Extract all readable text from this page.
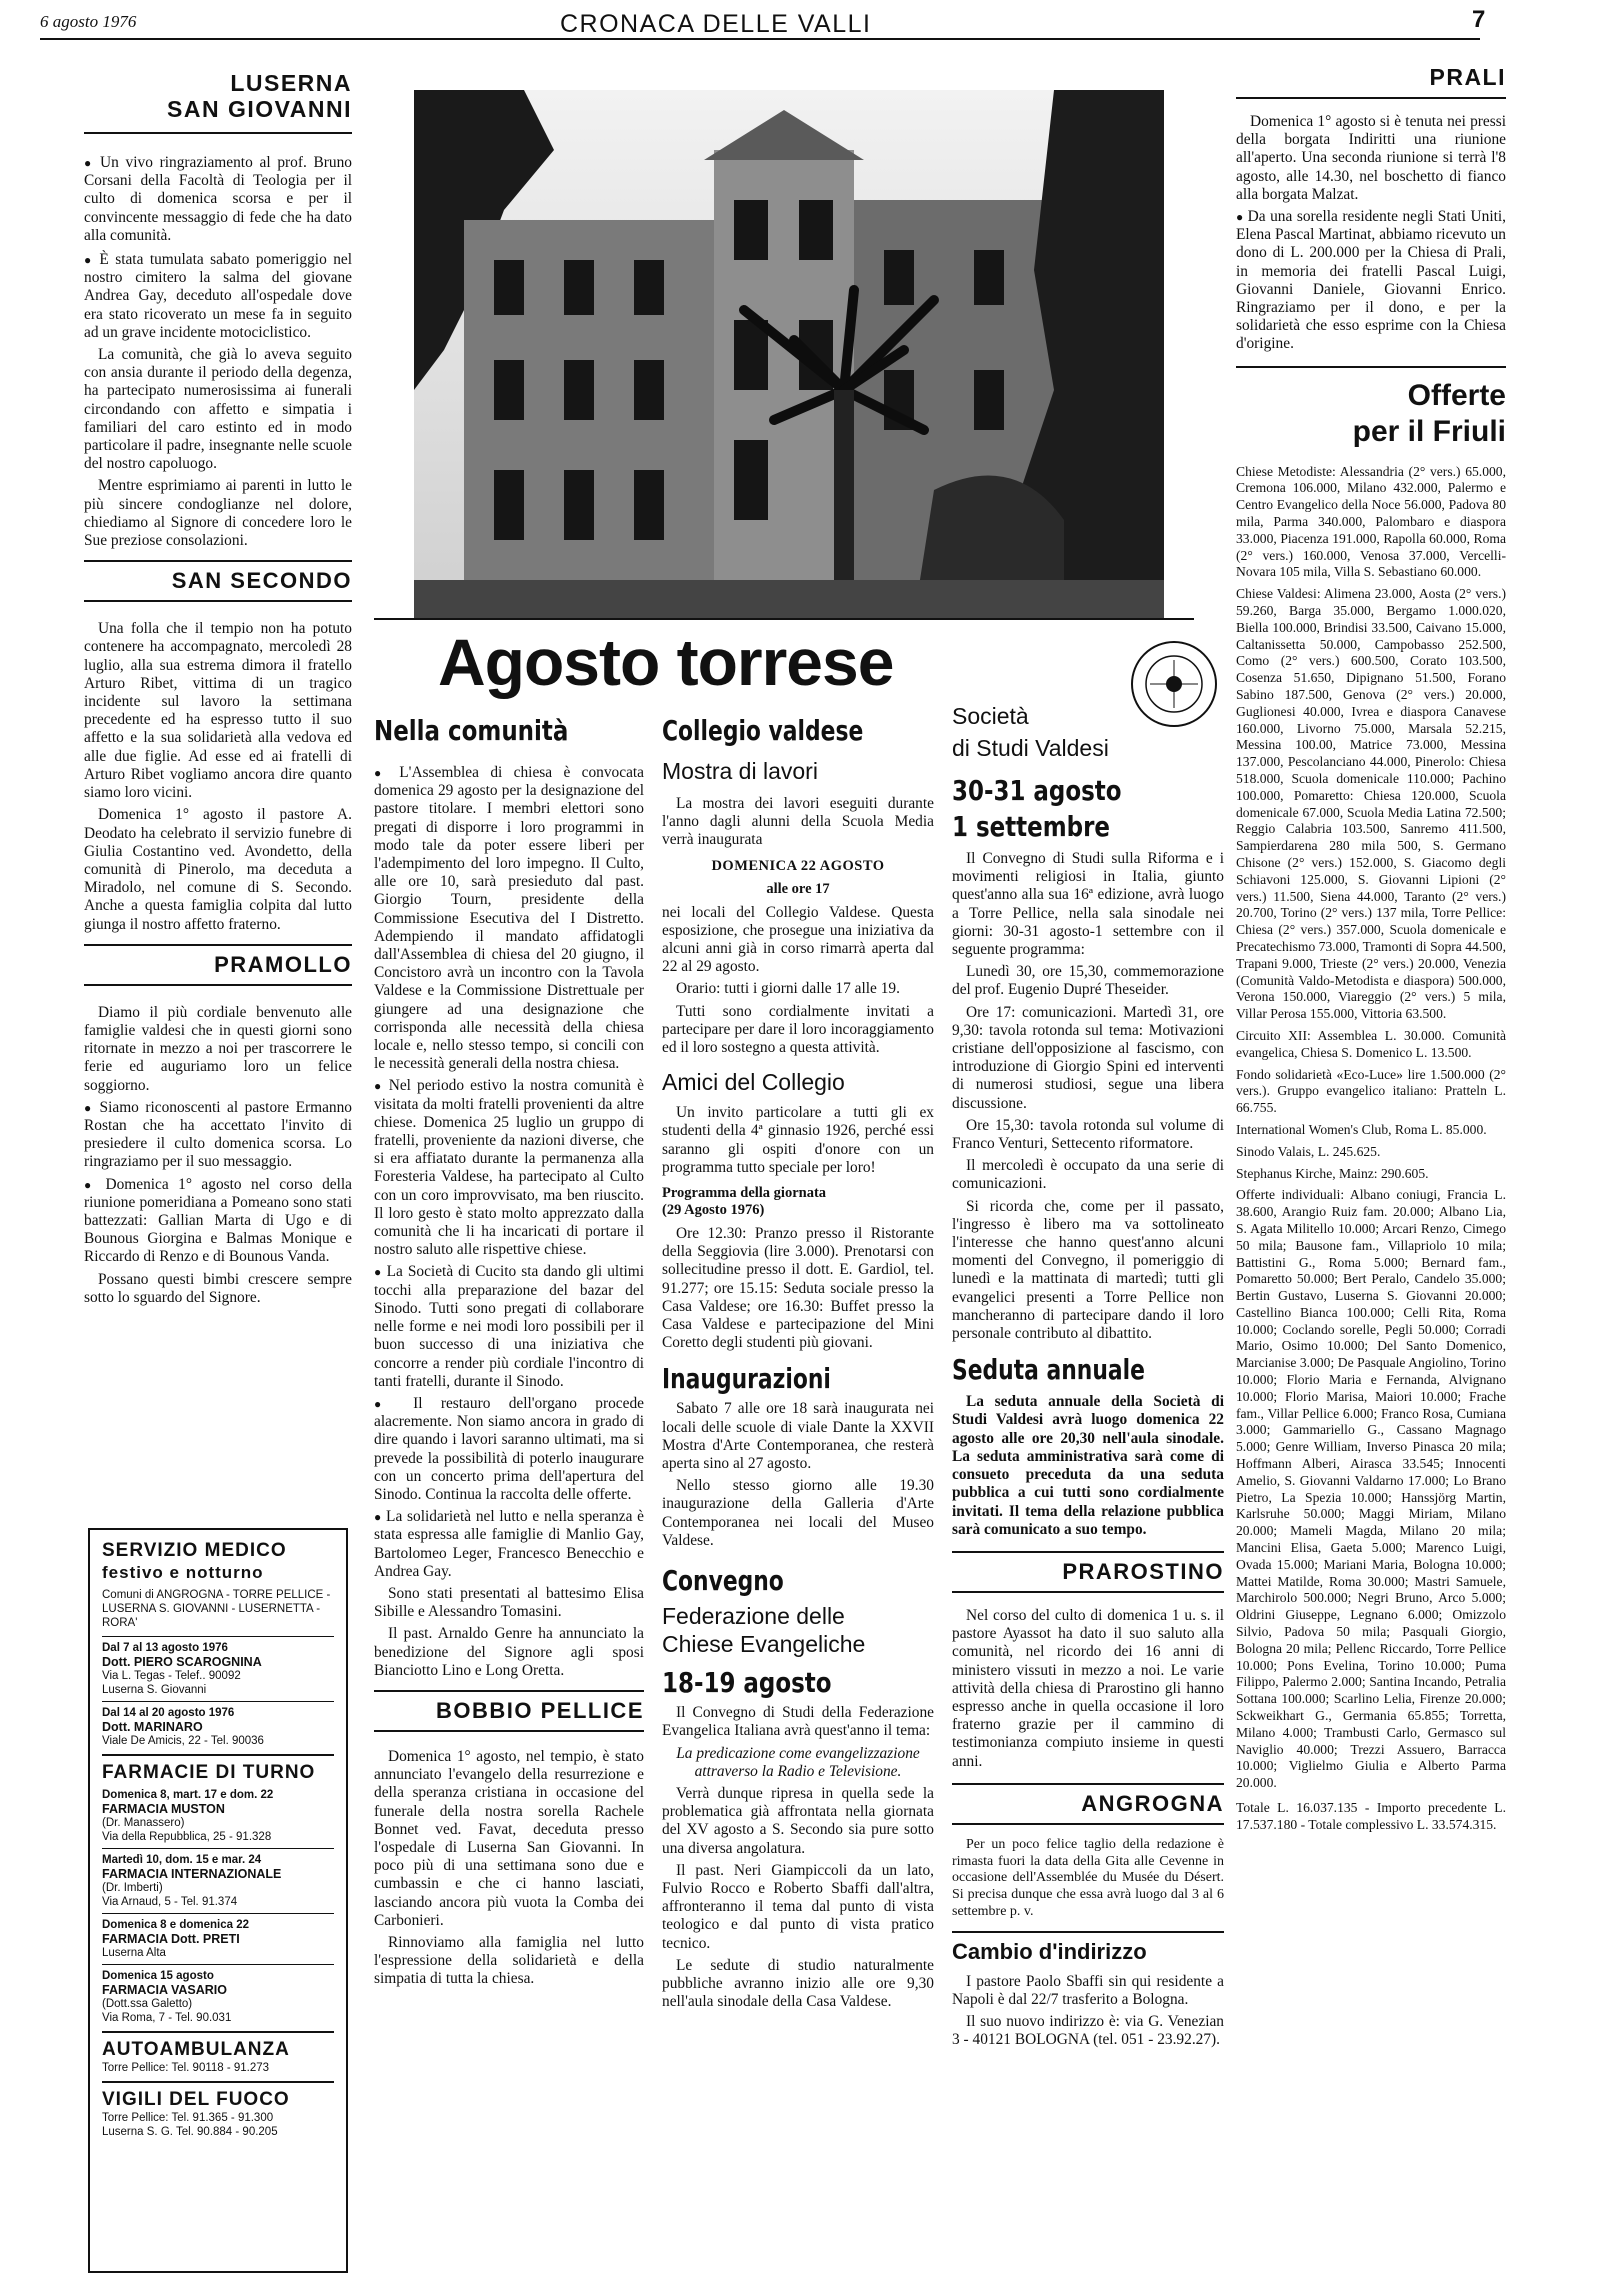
6 agosto 1976	CRONACA DELLE VALLI	7
LUSERNA
SAN GIOVANNI

● Un vivo ringraziamento al prof. Bruno Corsani della Facoltà di Teologia per il culto di domenica scorsa e per il convincente messaggio di fede che ha dato alla comunità.

● È stata tumulata sabato pomeriggio nel nostro cimitero la salma del giovane Andrea Gay, deceduto all'ospedale dove era stato ricoverato un mese fa in seguito ad un grave incidente motociclistico.

La comunità, che già lo aveva seguito con ansia durante il periodo della degenza, ha partecipato numerosissima ai funerali circondando con affetto e simpatia i familiari del caro estinto ed in modo particolare il padre, insegnante nelle scuole del nostro capoluogo.

Mentre esprimiamo ai parenti in lutto le più sincere condoglianze nel dolore, chiediamo al Signore di concedere loro le Sue preziose consolazioni.

SAN SECONDO

Una folla che il tempio non ha potuto contenere ha accompagnato, mercoledì 28 luglio, alla sua estrema dimora il fratello Arturo Ribet, vittima di un tragico incidente sul lavoro la settimana precedente ed ha espresso tutto il suo affetto e la sua solidarietà alla vedova ed alle due figlie. Ad esse ed ai fratelli di Arturo Ribet vogliamo ancora dire quanto siamo loro vicini.

Domenica 1° agosto il pastore A. Deodato ha celebrato il servizio funebre di Giulia Costantino ved. Avondetto, della comunità di Pinerolo, ma deceduta a Miradolo, nel comune di S. Secondo. Anche a questa famiglia colpita dal lutto giunga il nostro affetto fraterno.

PRAMOLLO

Diamo il più cordiale benvenuto alle famiglie valdesi che in questi giorni sono ritornate in mezzo a noi per trascorrere le ferie ed auguriamo loro un felice soggiorno.

● Siamo riconoscenti al pastore Ermanno Rostan che ha accettato l'invito di presiedere il culto domenica scorsa. Lo ringraziamo per il suo messaggio.

● Domenica 1° agosto nel corso della riunione pomeridiana a Pomeano sono stati battezzati: Gallian Marta di Ugo e di Bounous Giorgina e Balmas Monique e Riccardo di Renzo e di Bounous Vanda.

Possano questi bimbi crescere sempre sotto lo sguardo del Signore.

SERVIZIO MEDICO
festivo e notturno
Comuni di ANGROGNA - TORRE PELLICE - LUSERNA S. GIOVANNI - LUSERNETTA - RORA'
Dal 7 al 13 agosto 1976
Dott. PIERO SCAROGNINA
Via L. Tegas - Telef.. 90092
Luserna S. Giovanni
Dal 14 al 20 agosto 1976
Dott. MARINARO
Viale De Amicis, 22 - Tel. 90036
FARMACIE DI TURNO
Domenica 8, mart. 17 e dom. 22
FARMACIA MUSTON
(Dr. Manassero)
Via della Repubblica, 25 - 91.328
Martedì 10, dom. 15 e mar. 24
FARMACIA INTERNAZIONALE
(Dr. Imberti)
Via Arnaud, 5 - Tel. 91.374
Domenica 8 e domenica 22
FARMACIA Dott. PRETI
Luserna Alta
Domenica 15 agosto
FARMACIA VASARIO
(Dott.ssa Galetto)
Via Roma, 7 - Tel. 90.031
AUTOAMBULANZA
Torre Pellice: Tel. 90118 - 91.273
VIGILI DEL FUOCO
Torre Pellice: Tel. 91.365 - 91.300
Luserna S. G. Tel. 90.884 - 90.205
Agosto torrese
Nella comunità

● L'Assemblea di chiesa è convocata domenica 29 agosto per la designazione del pastore titolare. I membri elettori sono pregati di disporre i loro programmi in modo tale da poter essere liberi per l'adempimento del loro impegno. Il Culto, alle ore 10, sarà presieduto dal past. Giorgio Tourn, presidente della Commissione Esecutiva del I Distretto. Adempiendo il mandato affidatogli dall'Assemblea di chiesa del 20 giugno, il Concistoro avrà un incontro con la Tavola Valdese e la Commissione Distrettuale per giungere ad una designazione che corrisponda alle necessità della chiesa locale e, nello stesso tempo, si concili con le necessità generali della nostra chiesa.

● Nel periodo estivo la nostra comunità è visitata da molti fratelli provenienti da altre chiese. Domenica 25 luglio un gruppo di fratelli, proveniente da nazioni diverse, che si era affiatato durante la permanenza alla Foresteria Valdese, ha partecipato al Culto con un coro improvvisato, ma ben riuscito. Il loro gesto è stato molto apprezzato dalla comunità che li ha incaricati di portare il nostro saluto alle rispettive chiese.

● La Società di Cucito sta dando gli ultimi tocchi alla preparazione del bazar del Sinodo. Tutti sono pregati di collaborare nelle forme e nei modi loro possibili per il buon successo di una iniziativa che concorre a render più cordiale l'incontro di tanti fratelli, durante il Sinodo.

● Il restauro dell'organo procede alacremente. Non siamo ancora in grado di dire quando i lavori saranno ultimati, ma si prevede la possibilità di poterlo inaugurare con un concerto prima dell'apertura del Sinodo. Continua la raccolta delle offerte.

● La solidarietà nel lutto e nella speranza è stata espressa alle famiglie di Manlio Gay, Bartolomeo Leger, Francesco Benecchio e Andrea Gay.

Sono stati presentati al battesimo Elisa Sibille e Alessandro Tomasini.

Il past. Arnaldo Genre ha annunciato la benedizione del Signore agli sposi Bianciotto Lino e Long Oretta.

BOBBIO PELLICE

Domenica 1° agosto, nel tempio, è stato annunciato l'evangelo della resurrezione e della speranza cristiana in occasione del funerale della nostra sorella Rachele Bonnet ved. Favat, deceduta presso l'ospedale di Luserna San Giovanni. In poco più di una settimana sono due e cumbassin e che ci hanno lasciati, lasciando ancora più vuota la Comba dei Carbonieri.

Rinnoviamo alla famiglia nel lutto l'espressione della solidarietà e della simpatia di tutta la chiesa.

Collegio valdese
Mostra di lavori

La mostra dei lavori eseguiti durante l'anno dagli alunni della Scuola Media verrà inaugurata

DOMENICA 22 AGOSTO
alle ore 17

nei locali del Collegio Valdese. Questa esposizione, che prosegue una iniziativa da alcuni anni già in corso rimarrà aperta dal 22 al 29 agosto.

Orario: tutti i giorni dalle 17 alle 19.

Tutti sono cordialmente invitati a partecipare per dare il loro incoraggiamento ed il loro sostegno a questa attività.

Amici del Collegio

Un invito particolare a tutti gli ex studenti della 4ª ginnasio 1926, perché essi saranno gli ospiti d'onore con un programma tutto speciale per loro!

Programma della giornata
(29 Agosto 1976)

Ore 12.30: Pranzo presso il Ristorante della Seggiovia (lire 3.000). Prenotarsi con sollecitudine presso il dott. E. Gardiol, tel. 91.277; ore 15.15: Seduta sociale presso la Casa Valdese; ore 16.30: Buffet presso la Casa Valdese e partecipazione del Mini Coretto degli studenti più giovani.

Inaugurazioni

Sabato 7 alle ore 18 sarà inaugurata nei locali delle scuole di viale Dante la XXVII Mostra d'Arte Contemporanea, che resterà aperta sino al 27 agosto.

Nello stesso giorno alle 19.30 inaugurazione della Galleria d'Arte Contemporanea nei locali del Museo Valdese.

Convegno
Federazione delle
Chiese Evangeliche
18-19 agosto

Il Convegno di Studi della Federazione Evangelica Italiana avrà quest'anno il tema:

La predicazione come evangelizzazione attraverso la Radio e Televisione.

Verrà dunque ripresa in quella sede la problematica già affrontata nella giornata del XV agosto a S. Secondo sia pure sotto una diversa angolatura.

Il past. Neri Giampiccoli da un lato, Fulvio Rocco e Roberto Sbaffi dall'altra, affronteranno il tema dal punto di vista teologico e dal punto di vista pratico tecnico.

Le sedute di studio naturalmente pubbliche avranno inizio alle ore 9,30 nell'aula sinodale della Casa Valdese.

Società
di Studi Valdesi
30-31 agosto
1 settembre

Il Convegno di Studi sulla Riforma e i movimenti religiosi in Italia, giunto quest'anno alla sua 16ª edizione, avrà luogo a Torre Pellice, nella sala sinodale nei giorni: 30-31 agosto-1 settembre con il seguente programma:

Lunedì 30, ore 15,30, commemorazione del prof. Eugenio Dupré Theseider.

Ore 17: comunicazioni. Martedì 31, ore 9,30: tavola rotonda sul tema: Motivazioni cristiane dell'opposizione al fascismo, con introduzione di Giorgio Spini ed interventi di numerosi studiosi, segue una libera discussione.

Ore 15,30: tavola rotonda sul volume di Franco Venturi, Settecento riformatore.

Il mercoledì è occupato da una serie di comunicazioni.

Si ricorda che, come per il passato, l'ingresso è libero ma va sottolineato l'interesse che hanno quest'anno alcuni momenti del Convegno, il pomeriggio di lunedì e la mattinata di martedì; tutti gli evangelici presenti a Torre Pellice non mancheranno di partecipare dando il loro personale contributo al dibattito.

Seduta annuale

La seduta annuale della Società di Studi Valdesi avrà luogo domenica 22 agosto alle ore 20,30 nell'aula sinodale. La seduta amministrativa sarà come di consueto preceduta da una seduta pubblica a cui tutti sono cordialmente invitati. Il tema della relazione pubblica sarà comunicato a suo tempo.

PRAROSTINO

Nel corso del culto di domenica 1 u. s. il pastore Ayassot ha dato il suo saluto alla comunità, nel ricordo dei 16 anni di ministero vissuti in mezzo a noi. Le varie attività della chiesa di Prarostino gli hanno espresso anche in quella occasione il loro fraterno grazie per il cammino di testimonianza compiuto insieme in questi anni.

ANGROGNA

Per un poco felice taglio della redazione è rimasta fuori la data della Gita alle Cevenne in occasione dell'Assemblée du Musée du Désert. Si precisa dunque che essa avrà luogo dal 3 al 6 settembre p. v.

Cambio d'indirizzo

I pastore Paolo Sbaffi sin qui residente a Napoli è dal 22/7 trasferito a Bologna.

Il suo nuovo indirizzo è: via G. Venezian 3 - 40121 BOLOGNA (tel. 051 - 23.92.27).

PRALI

Domenica 1° agosto si è tenuta nei pressi della borgata Indiritti una riunione all'aperto. Una seconda riunione si terrà l'8 agosto, alle 14.30, nel boschetto di fianco alla borgata Malzat.

● Da una sorella residente negli Stati Uniti, Elena Pascal Martinat, abbiamo ricevuto un dono di L. 200.000 per la Chiesa di Prali, in memoria dei fratelli Pascal Luigi, Giovanni Daniele, Giovanni Enrico. Ringraziamo per il dono, e per la solidarietà che esso esprime con la Chiesa d'origine.

Offerte
per il Friuli

Chiese Metodiste: Alessandria (2° vers.) 65.000, Cremona 106.000, Milano 432.000, Palermo e Centro Evangelico della Noce 56.000, Padova 80 mila, Parma 340.000, Palombaro e diaspora 33.000, Piacenza 191.000, Rapolla 60.000, Roma (2° vers.) 160.000, Venosa 37.000, Vercelli-Novara 105 mila, Villa S. Sebastiano 60.000.

Chiese Valdesi: Alimena 23.000, Aosta (2° vers.) 59.260, Barga 35.000, Bergamo 1.000.020, Biella 100.000, Brindisi 33.500, Caivano 15.000, Caltanissetta 50.000, Campobasso 252.500, Como (2° vers.) 600.500, Corato 103.500, Cosenza 51.650, Dipignano 51.500, Forano Sabino 187.500, Genova (2° vers.) 20.000, Guglionesi 40.000, Ivrea e diaspora Canavese 160.000, Livorno 75.000, Marsala 52.215, Messina 100.00, Matrice 73.000, Messina 137.000, Pescolanciano 44.000, Pinerolo: Chiesa 518.000, Scuola domenicale 110.000; Pachino 100.000, Pomaretto: Chiesa 120.000, Scuola domenicale 67.000, Scuola Media Latina 72.500; Reggio Calabria 103.500, Sanremo 411.500, Sampierdarena 280 mila 500, S. Germano Chisone (2° vers.) 152.000, S. Giacomo degli Schiavoni 125.000, S. Giovanni Lipioni (2° vers.) 11.500, Siena 44.000, Taranto (2° vers.) 20.700, Torino (2° vers.) 137 mila, Torre Pellice: Chiesa (2° vers.) 357.000, Scuola domenicale e Precatechismo 73.000, Tramonti di Sopra 44.500, Trapani 9.000, Trieste (2° vers.) 20.000, Venezia (Comunità Valdo-Metodista e diaspora) 500.000, Verona 150.000, Viareggio (2° vers.) 5 mila, Villar Perosa 155.000, Vittoria 63.500.

Circuito XII: Assemblea L. 30.000. Comunità evangelica, Chiesa S. Domenico L. 13.500.

Fondo solidarietà «Eco-Luce» lire 1.500.000 (2° vers.). Gruppo evangelico italiano: Pratteln L. 66.755.

International Women's Club, Roma L. 85.000.

Sinodo Valais, L. 245.625.

Stephanus Kirche, Mainz: 290.605.

Offerte individuali: Albano coniugi, Francia L. 38.600, Arangio Ruiz fam. 20.000; Albano Lia, S. Agata Militello 10.000; Arcari Renzo, Cimego 50 mila; Bausone fam., Villapriolo 10 mila; Battistini G., Roma 5.000; Bernard fam., Pomaretto 50.000; Bert Peralo, Candelo 35.000; Bertin Gustavo, Luserna S. Giovanni 20.000; Castellino Bianca 100.000; Celli Rita, Roma 10.000; Coclando sorelle, Pegli 50.000; Corradi Mario, Osimo 10.000; Del Santo Domenico, Marcianise 3.000; De Pasquale Angiolino, Torino 10.000; Florio Maria e Fernanda, Alvignano 10.000; Florio Marisa, Maiori 10.000; Frache fam., Villar Pellice 6.000; Franco Rosa, Cumiana 3.000; Gammariello G., Cassano Magnago 5.000; Genre William, Inverso Pinasca 20 mila; Hoffmann Alberi, Airasca 33.545; Innocenti Amelio, S. Giovanni Valdarno 17.000; Lo Brano Pietro, La Spezia 10.000; Hanssjörg Martin, Karlsruhe 50.000; Maggi Miriam, Milano 20.000; Mameli Magda, Milano 20 mila; Mancini Elisa, Gaeta 5.000; Marenco Luigi, Ovada 15.000; Mariani Maria, Bologna 10.000; Mattei Matilde, Roma 30.000; Mastri Samuele, Marchirolo 500.000; Negri Bruno, Arco 5.000; Oldrini Giuseppe, Legnano 6.000; Omizzolo Silvio, Padova 50 mila; Pasquali Giorgio, Bologna 20 mila; Pellenc Riccardo, Torre Pellice 10.000; Pons Evelina, Torino 10.000; Puma Filippo, Palermo 2.000; Santina Incando, Petralia Sottana 100.000; Scarlino Lelia, Firenze 20.000; Sckweikhart G., Germania 65.855; Torretta, Milano 4.000; Trambusti Carlo, Germasco sul Naviglio 40.000; Trezzi Assuero, Barracca 10.000; Viglielmo Giulia e Alberto Parma 20.000.

Totale L. 16.037.135 - Importo precedente L. 17.537.180 - Totale complessivo L. 33.574.315.
